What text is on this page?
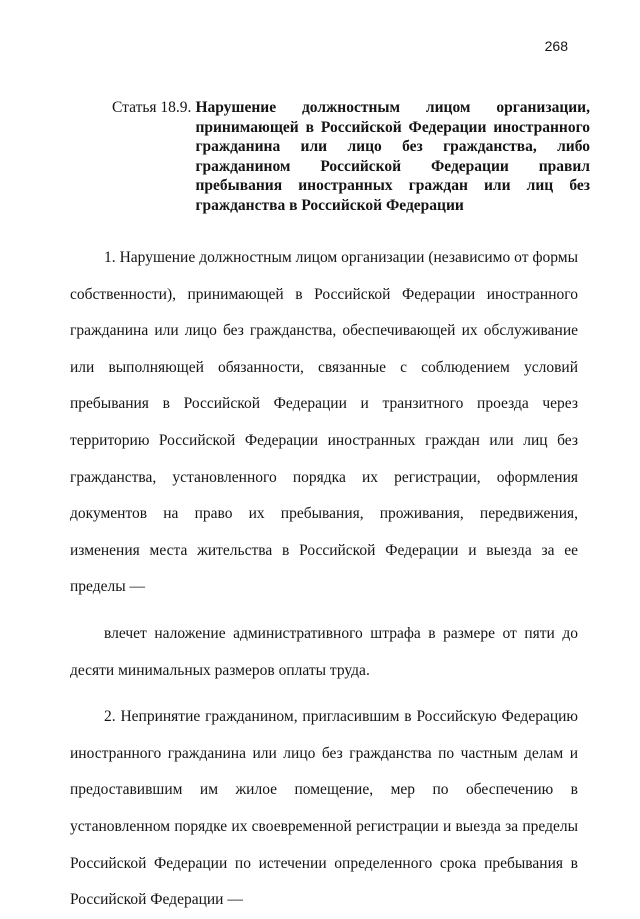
268
Статья 18.9. Нарушение должностным лицом организации, принимающей в Российской Федерации иностранного гражданина или лицо без гражданства, либо гражданином Российской Федерации правил пребывания иностранных граждан или лиц без гражданства в Российской Федерации

1. Нарушение должностным лицом организации (независимо от формы собственности), принимающей в Российской Федерации иностранного гражданина или лицо без гражданства, обеспечивающей их обслуживание или выполняющей обязанности, связанные с соблюдением условий пребывания в Российской Федерации и транзитного проезда через территорию Российской Федерации иностранных граждан или лиц без гражданства, установленного порядка их регистрации, оформления документов на право их пребывания, проживания, передвижения, изменения места жительства в Российской Федерации и выезда за ее пределы —

влечет наложение административного штрафа в размере от пяти до десяти минимальных размеров оплаты труда.

2. Непринятие гражданином, пригласившим в Российскую Федерацию иностранного гражданина или лицо без гражданства по частным делам и предоставившим им жилое помещение, мер по обеспечению в установленном порядке их своевременной регистрации и выезда за пределы Российской Федерации по истечении определенного срока пребывания в Российской Федерации —
